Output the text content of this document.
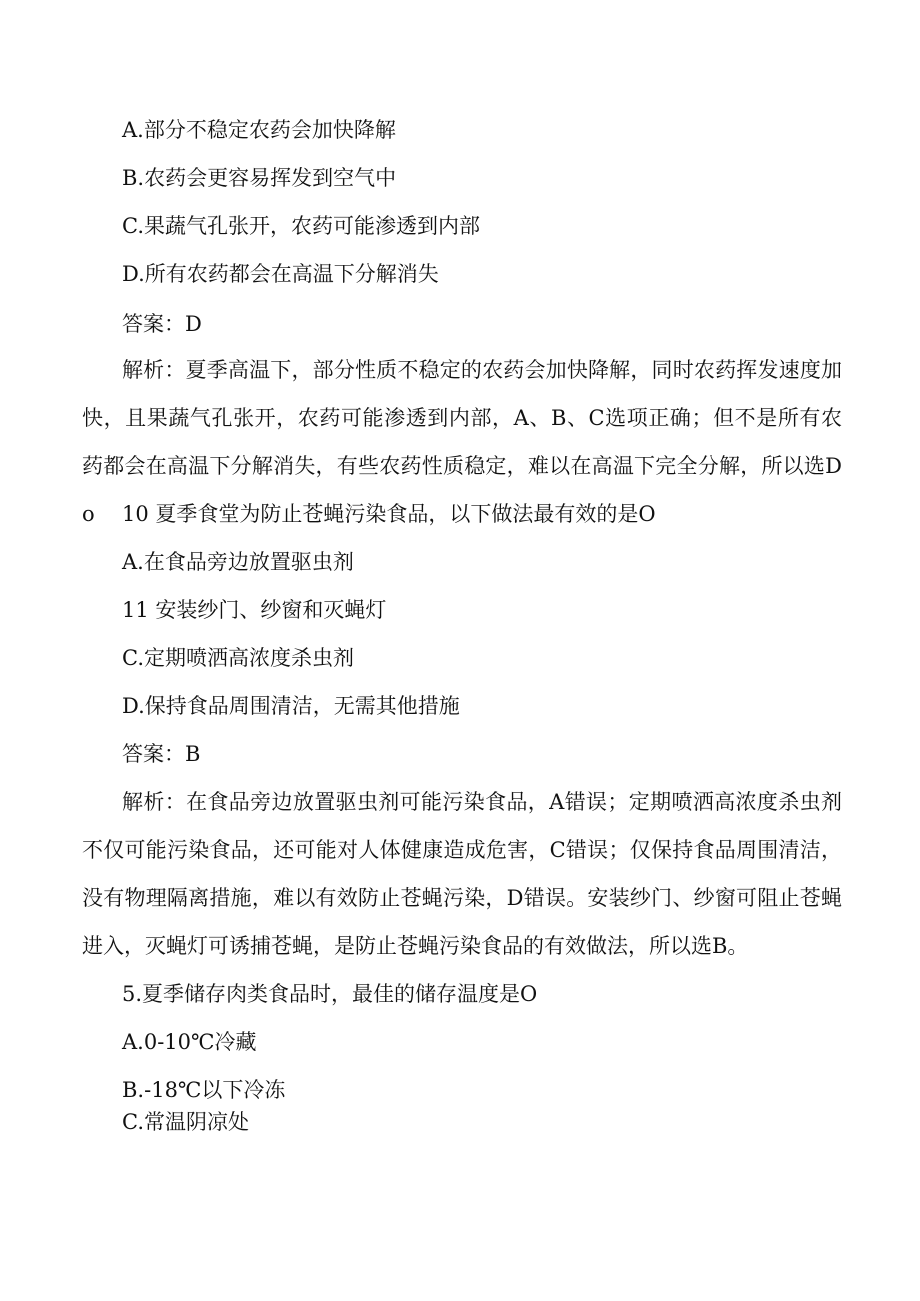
A.部分不稳定农药会加快降解
B.农药会更容易挥发到空气中
C.果蔬气孔张开，农药可能渗透到内部
D.所有农药都会在高温下分解消失
答案：D
解析：夏季高温下，部分性质不稳定的农药会加快降解，同时农药挥发速度加快，且果蔬气孔张开，农药可能渗透到内部，A、B、C选项正确；但不是所有农药都会在高温下分解消失，有些农药性质稳定，难以在高温下完全分解，所以选Do	10 夏季食堂为防止苍蝇污染食品，以下做法最有效的是O
A.在食品旁边放置驱虫剂
11 安装纱门、纱窗和灭蝇灯
C.定期喷洒高浓度杀虫剂
D.保持食品周围清洁，无需其他措施
答案：B
解析：在食品旁边放置驱虫剂可能污染食品，A错误；定期喷洒高浓度杀虫剂不仅可能污染食品，还可能对人体健康造成危害，C错误；仅保持食品周围清洁，没有物理隔离措施，难以有效防止苍蝇污染，D错误。安装纱门、纱窗可阻止苍蝇进入，灭蝇灯可诱捕苍蝇，是防止苍蝇污染食品的有效做法，所以选B。
5.夏季储存肉类食品时，最佳的储存温度是O
A.0-10℃冷藏
B.-18℃以下冷冻
C.常温阴凉处
